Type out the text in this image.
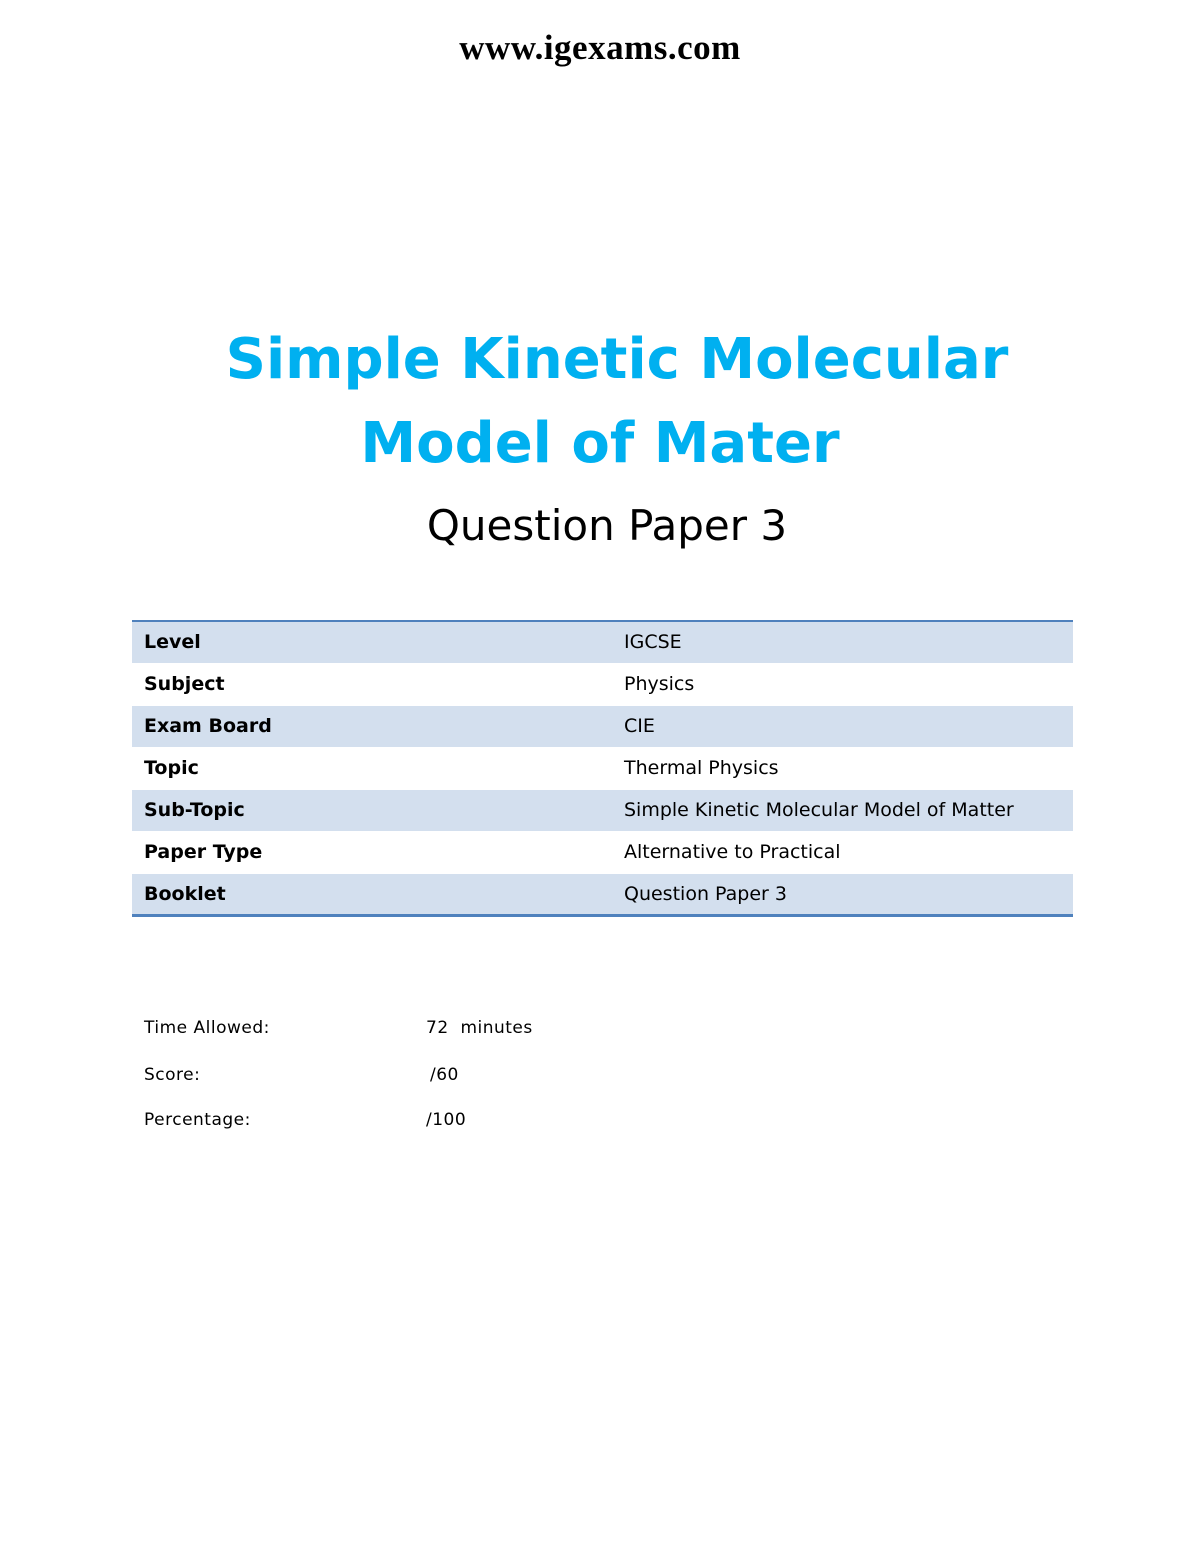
www.igexams.com
Simple Kinetic Molecular
Model of Mater
Question Paper 3
Level	IGCSE
Subject	Physics
Exam Board	CIE
Topic	Thermal Physics
Sub-Topic	Simple Kinetic Molecular Model of Matter
Paper Type	Alternative to Practical
Booklet	Question Paper 3
Time Allowed:	72  minutes
Score:	/60
Percentage:	/100
